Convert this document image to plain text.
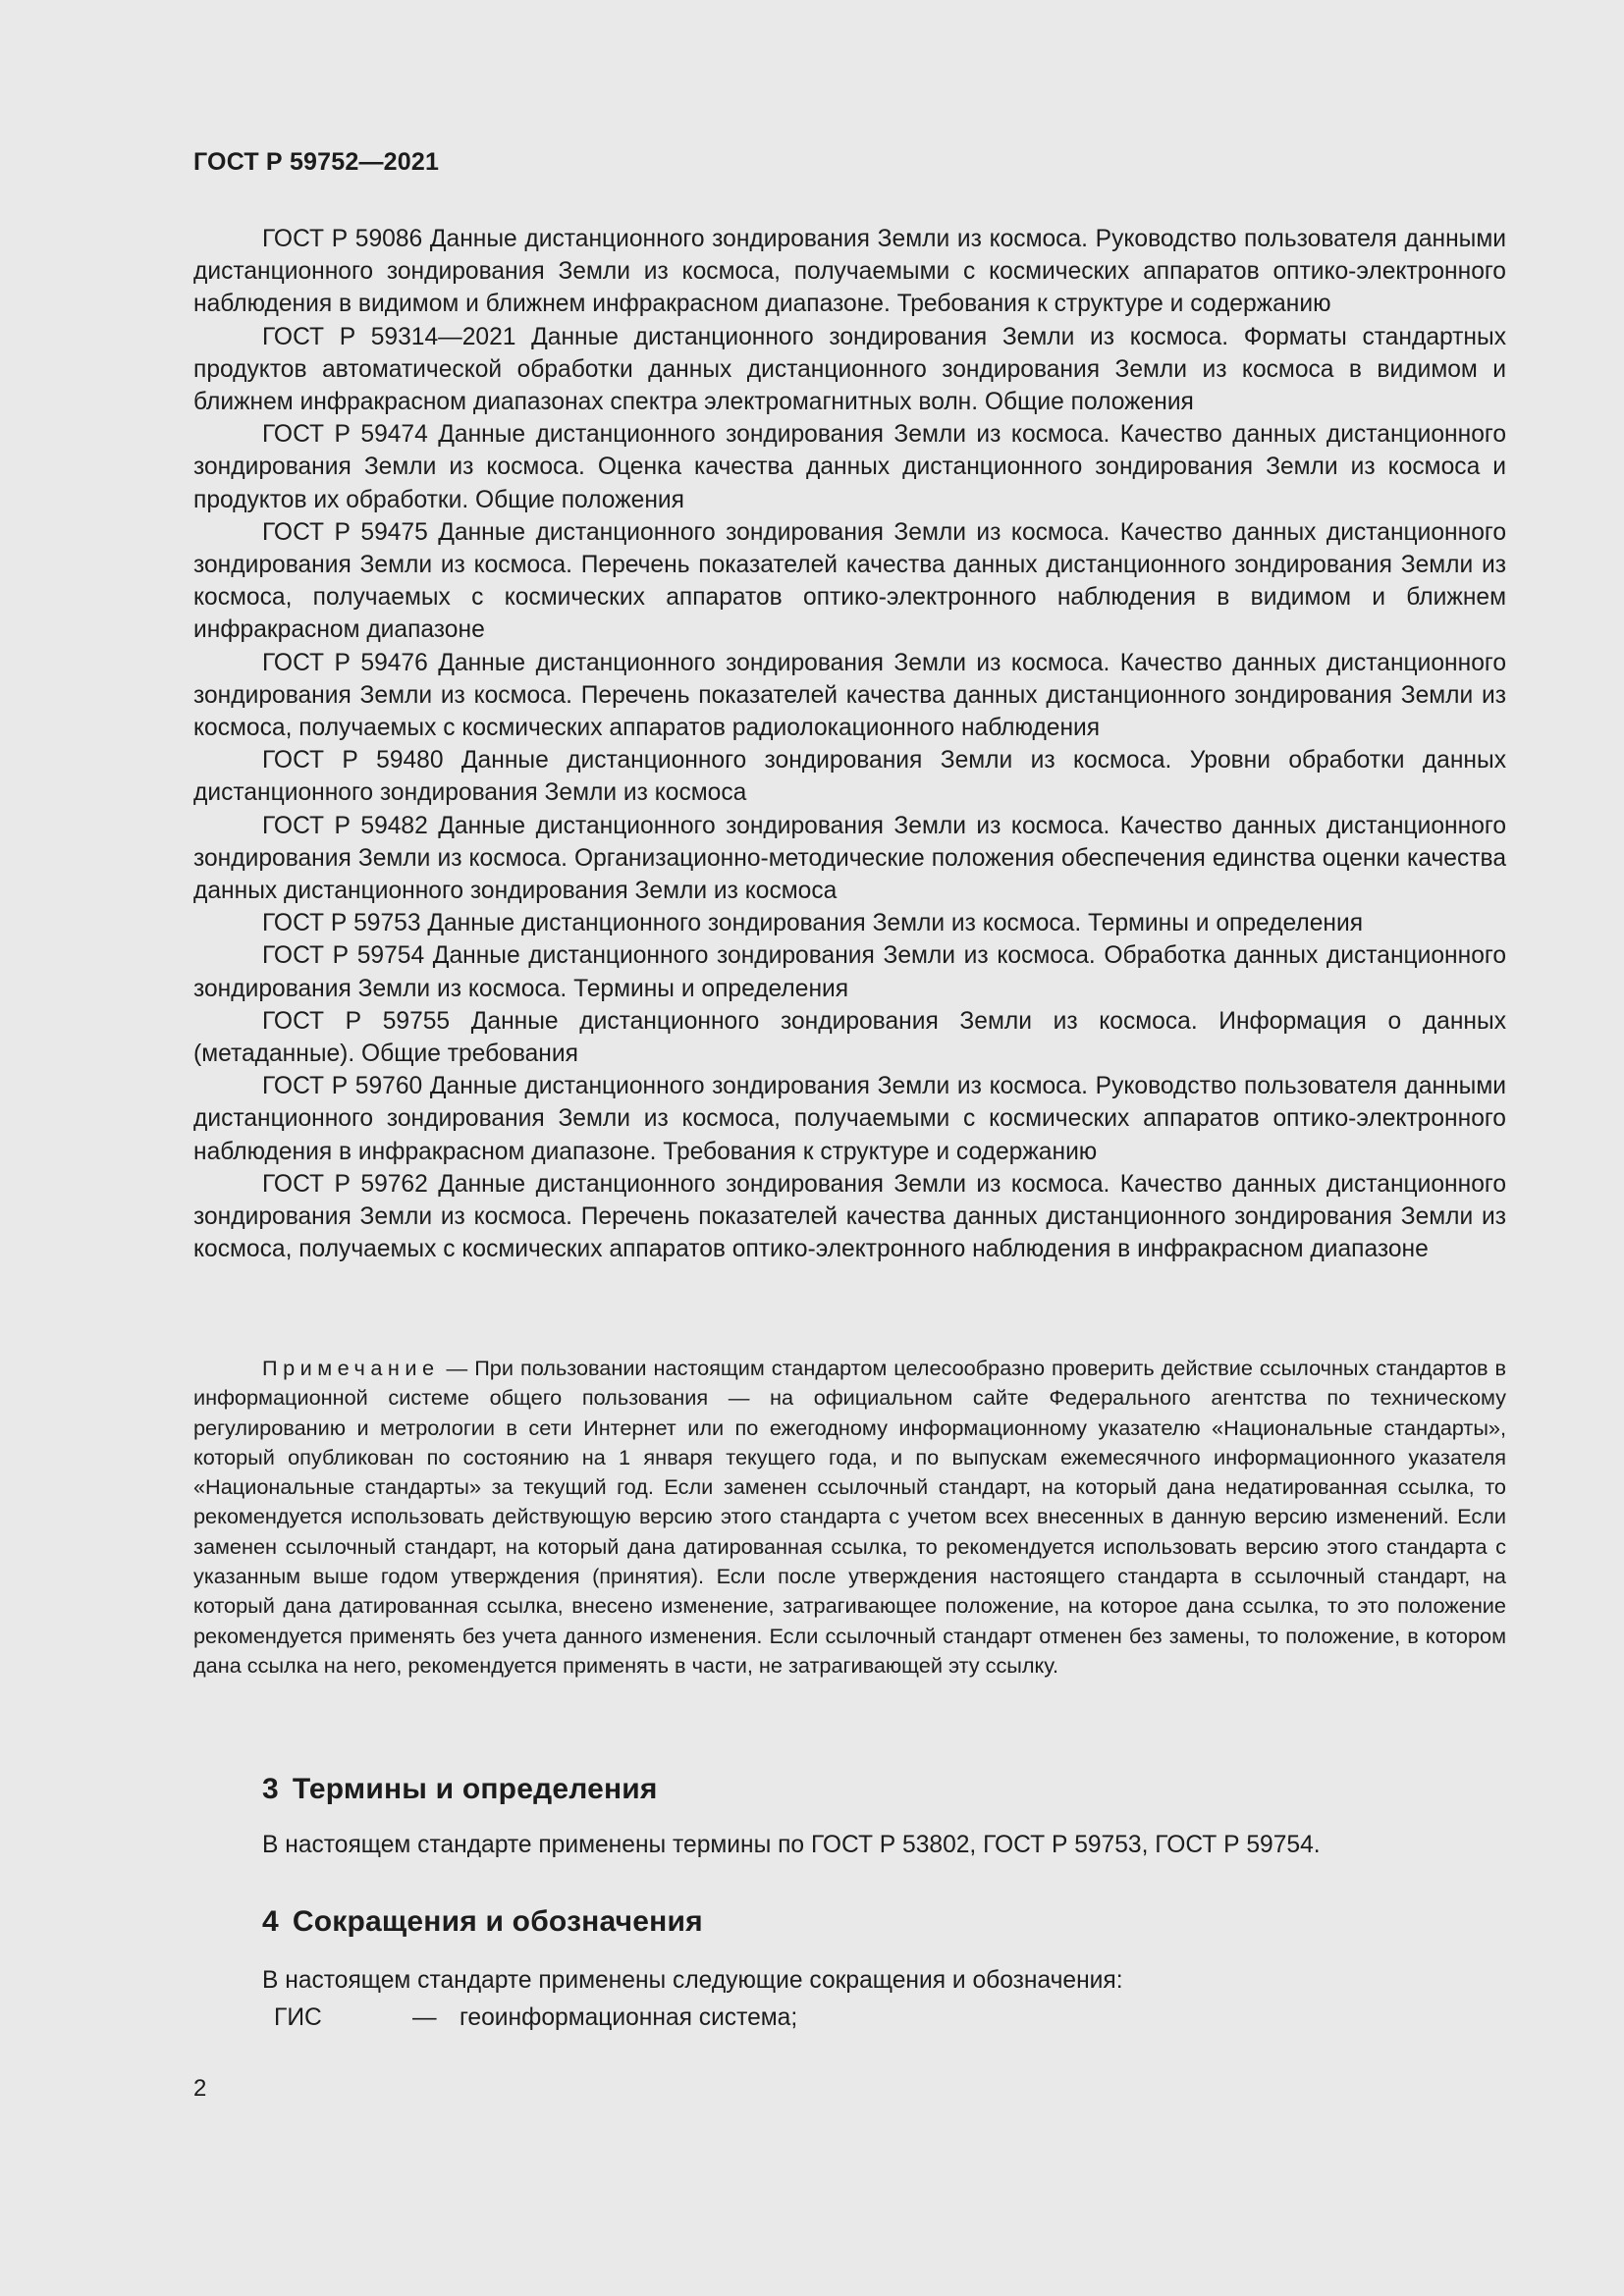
ГОСТ Р 59752—2021

ГОСТ Р 59086 Данные дистанционного зондирования Земли из космоса. Руководство пользователя данными дистанционного зондирования Земли из космоса, получаемыми с космических аппаратов оптико-электронного наблюдения в видимом и ближнем инфракрасном диапазоне. Требования к структуре и содержанию

ГОСТ Р 59314—2021 Данные дистанционного зондирования Земли из космоса. Форматы стандартных продуктов автоматической обработки данных дистанционного зондирования Земли из космоса в видимом и ближнем инфракрасном диапазонах спектра электромагнитных волн. Общие положения

ГОСТ Р 59474 Данные дистанционного зондирования Земли из космоса. Качество данных дистанционного зондирования Земли из космоса. Оценка качества данных дистанционного зондирования Земли из космоса и продуктов их обработки. Общие положения

ГОСТ Р 59475 Данные дистанционного зондирования Земли из космоса. Качество данных дистанционного зондирования Земли из космоса. Перечень показателей качества данных дистанционного зондирования Земли из космоса, получаемых с космических аппаратов оптико-электронного наблюдения в видимом и ближнем инфракрасном диапазоне

ГОСТ Р 59476 Данные дистанционного зондирования Земли из космоса. Качество данных дистанционного зондирования Земли из космоса. Перечень показателей качества данных дистанционного зондирования Земли из космоса, получаемых с космических аппаратов радиолокационного наблюдения

ГОСТ Р 59480 Данные дистанционного зондирования Земли из космоса. Уровни обработки данных дистанционного зондирования Земли из космоса

ГОСТ Р 59482 Данные дистанционного зондирования Земли из космоса. Качество данных дистанционного зондирования Земли из космоса. Организационно-методические положения обеспечения единства оценки качества данных дистанционного зондирования Земли из космоса

ГОСТ Р 59753 Данные дистанционного зондирования Земли из космоса. Термины и определения

ГОСТ Р 59754 Данные дистанционного зондирования Земли из космоса. Обработка данных дистанционного зондирования Земли из космоса. Термины и определения

ГОСТ Р 59755 Данные дистанционного зондирования Земли из космоса. Информация о данных (метаданные). Общие требования

ГОСТ Р 59760 Данные дистанционного зондирования Земли из космоса. Руководство пользователя данными дистанционного зондирования Земли из космоса, получаемыми с космических аппаратов оптико-электронного наблюдения в инфракрасном диапазоне. Требования к структуре и содержанию

ГОСТ Р 59762 Данные дистанционного зондирования Земли из космоса. Качество данных дистанционного зондирования Земли из космоса. Перечень показателей качества данных дистанционного зондирования Земли из космоса, получаемых с космических аппаратов оптико-электронного наблюдения в инфракрасном диапазоне

Примечание — При пользовании настоящим стандартом целесообразно проверить действие ссылочных стандартов в информационной системе общего пользования — на официальном сайте Федерального агентства по техническому регулированию и метрологии в сети Интернет или по ежегодному информационному указателю «Национальные стандарты», который опубликован по состоянию на 1 января текущего года, и по выпускам ежемесячного информационного указателя «Национальные стандарты» за текущий год. Если заменен ссылочный стандарт, на который дана недатированная ссылка, то рекомендуется использовать действующую версию этого стандарта с учетом всех внесенных в данную версию изменений. Если заменен ссылочный стандарт, на который дана датированная ссылка, то рекомендуется использовать версию этого стандарта с указанным выше годом утверждения (принятия). Если после утверждения настоящего стандарта в ссылочный стандарт, на который дана датированная ссылка, внесено изменение, затрагивающее положение, на которое дана ссылка, то это положение рекомендуется применять без учета данного изменения. Если ссылочный стандарт отменен без замены, то положение, в котором дана ссылка на него, рекомендуется применять в части, не затрагивающей эту ссылку.

3 Термины и определения
В настоящем стандарте применены термины по ГОСТ Р 53802, ГОСТ Р 59753, ГОСТ Р 59754.
4 Сокращения и обозначения
В настоящем стандарте применены следующие сокращения и обозначения:
ГИС	— геоинформационная система;
2
